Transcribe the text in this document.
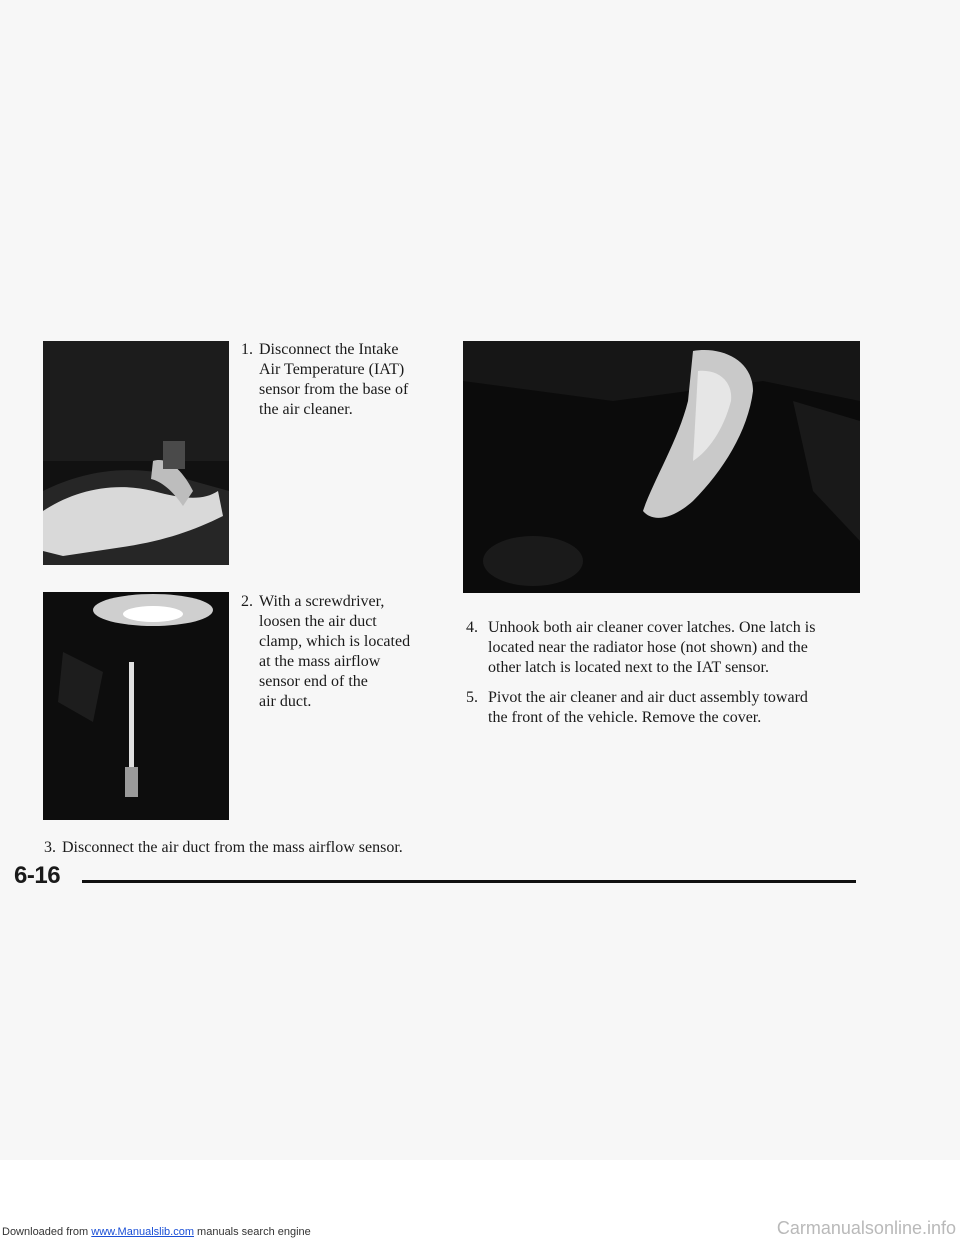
1. Disconnect the Intake
Air Temperature (IAT)
sensor from the base of
the air cleaner.
2. With a screwdriver,
loosen the air duct
clamp, which is located
at the mass airflow
sensor end of the
air duct.
4. Unhook both air cleaner cover latches. One latch is
located near the radiator hose (not shown) and the
other latch is located next to the IAT sensor.
5. Pivot the air cleaner and air duct assembly toward
the front of the vehicle. Remove the cover.
3. Disconnect the air duct from the mass airflow sensor.
6-16
Downloaded from www.Manualslib.com manuals search engine	Carmanualsonline.info
